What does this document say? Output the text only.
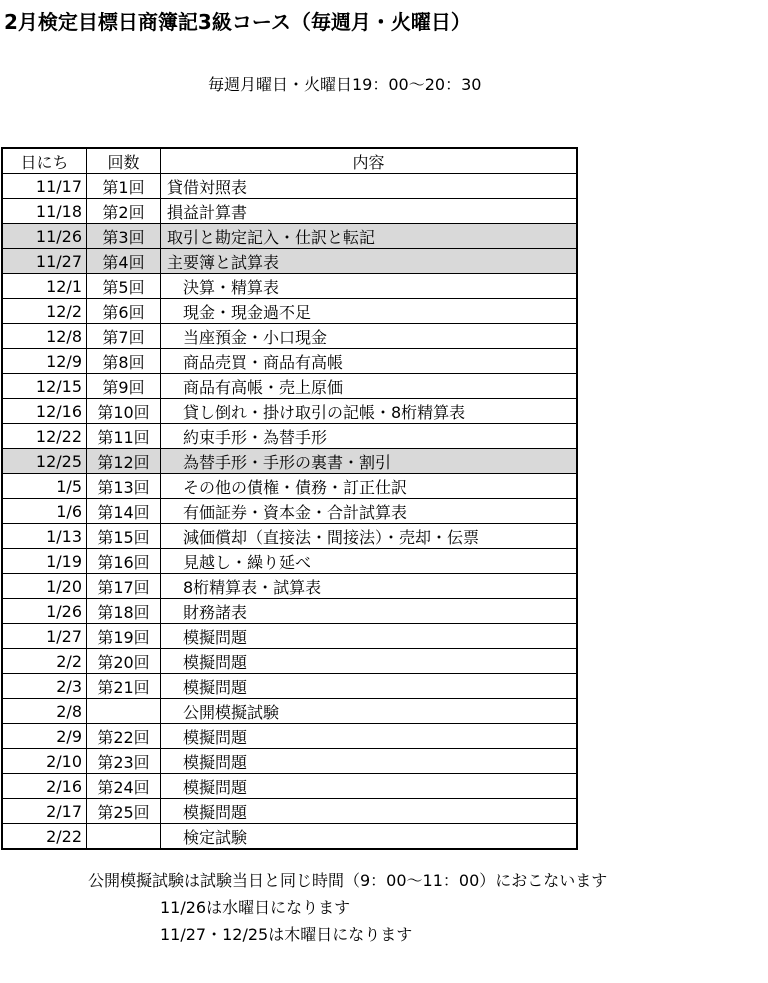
2月検定目標日商簿記3級コース（毎週月・火曜日）
毎週月曜日・火曜日19：00～20：30
日にち	回数	内容
11/17	第1回	貸借対照表
11/18	第2回	損益計算書
11/26	第3回	取引と勘定記入・仕訳と転記
11/27	第4回	主要簿と試算表
12/1	第5回	　決算・精算表
12/2	第6回	　現金・現金過不足
12/8	第7回	　当座預金・小口現金
12/9	第8回	　商品売買・商品有高帳
12/15	第9回	　商品有高帳・売上原価
12/16	第10回	　貸し倒れ・掛け取引の記帳・8桁精算表
12/22	第11回	　約束手形・為替手形
12/25	第12回	　為替手形・手形の裏書・割引
1/5	第13回	　その他の債権・債務・訂正仕訳
1/6	第14回	　有価証券・資本金・合計試算表
1/13	第15回	　減価償却（直接法・間接法）・売却・伝票
1/19	第16回	　見越し・繰り延べ
1/20	第17回	　8桁精算表・試算表
1/26	第18回	　財務諸表
1/27	第19回	　模擬問題
2/2	第20回	　模擬問題
2/3	第21回	　模擬問題
2/8		　公開模擬試験
2/9	第22回	　模擬問題
2/10	第23回	　模擬問題
2/16	第24回	　模擬問題
2/17	第25回	　模擬問題
2/22		　検定試験
公開模擬試験は試験当日と同じ時間（9：00～11：00）におこないます
11/26は水曜日になります
11/27・12/25は木曜日になります
